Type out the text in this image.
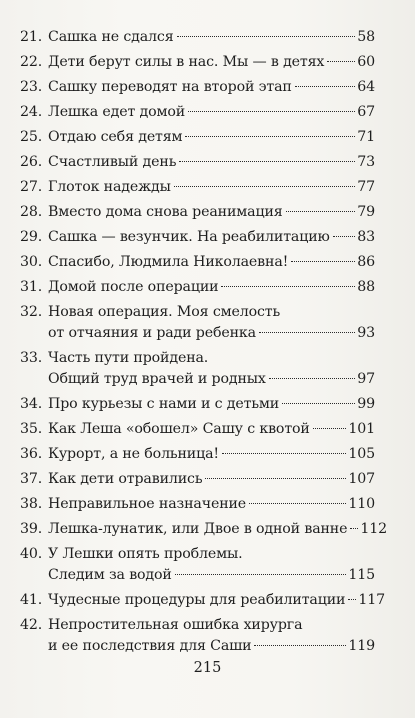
21. Сашка не сдался	58
22. Дети берут силы в нас. Мы — в детях 60
23. Сашку переводят на второй этап	64
24. Лешка едет домой	67
25. Отдаю себя детям	71
26. Счастливый день	73
27. Глоток надежды	77
28. Вместо дома снова реанимация	79
29. Сашка — везунчик. На реабилитацию 83
30. Спасибо, Людмила Николаевна!	86
31. Домой после операции	88
32. Новая операция. Моя смелость
от отчаяния и ради ребенка	93
33. Часть пути пройдена.
Общий труд врачей и родных	97
34. Про курьезы с нами и с детьми	99
35. Как Леша «обошел» Сашу с квотой	101
36. Курорт, а не больница!	105
37. Как дети отравились	107
38. Неправильное назначение	110
39. Лешка-лунатик, или Двое в одной ванне 112
40. У Лешки опять проблемы.
Следим за водой	115
41. Чудесные процедуры для реабилитации 117
42. Непростительная ошибка хирурга
и ее последствия для Саши	119
215
